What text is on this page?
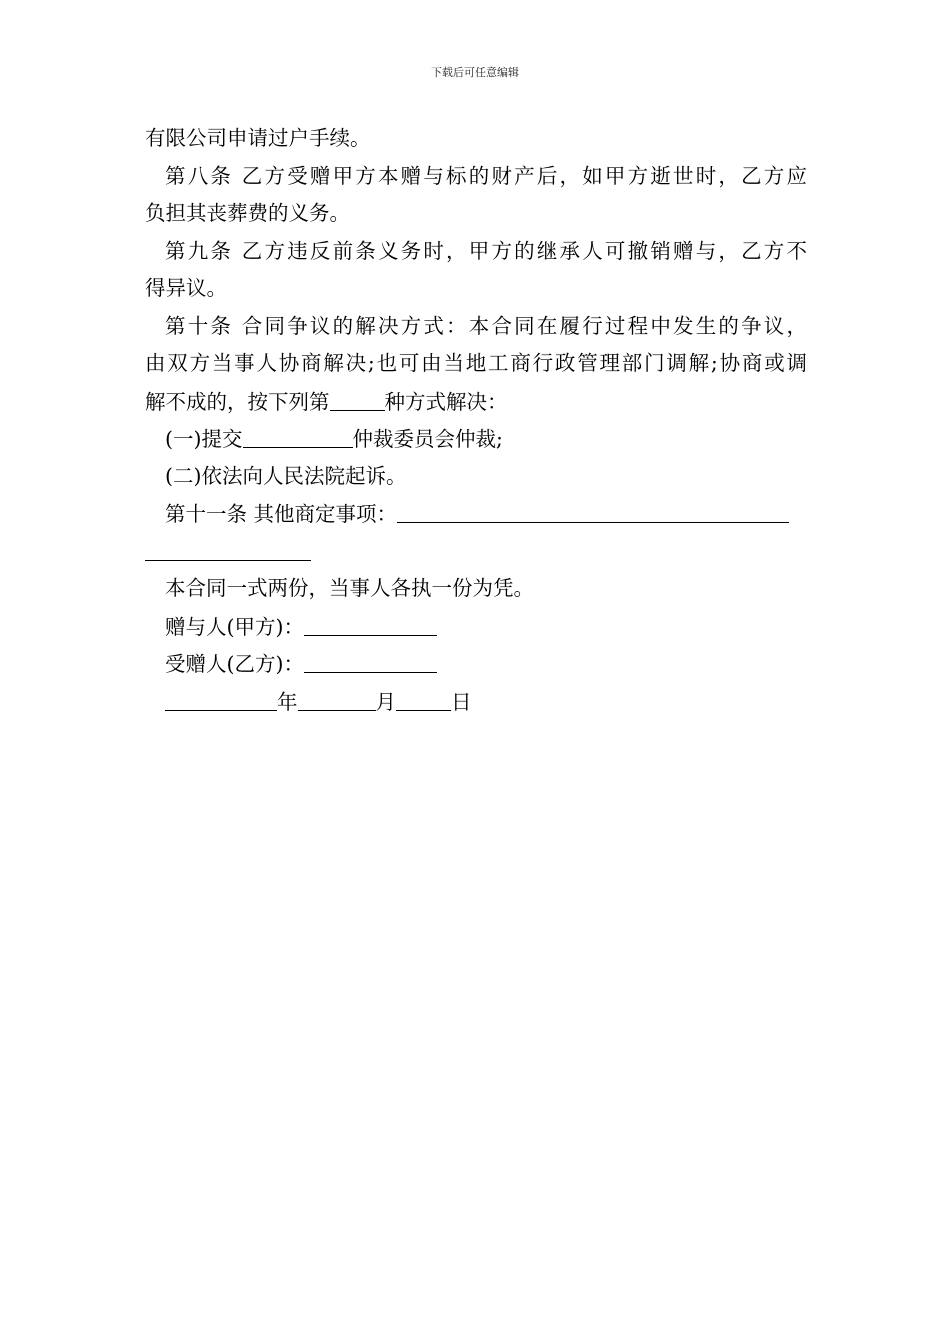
下载后可任意编辑
有限公司申请过户手续。
第八条 乙方受赠甲方本赠与标的财产后，如甲方逝世时，乙方应
负担其丧葬费的义务。
第九条 乙方违反前条义务时，甲方的继承人可撤销赠与，乙方不
得异议。
第十条 合同争议的解决方式：本合同在履行过程中发生的争议，
由双方当事人协商解决;也可由当地工商行政管理部门调解;协商或调
解不成的，按下列第	种方式解决：
(一)提交	仲裁委员会仲裁;
(二)依法向人民法院起诉。
第十一条 其他商定事项：
本合同一式两份，当事人各执一份为凭。
赠与人(甲方)：
受赠人(乙方)：
年	月	日
